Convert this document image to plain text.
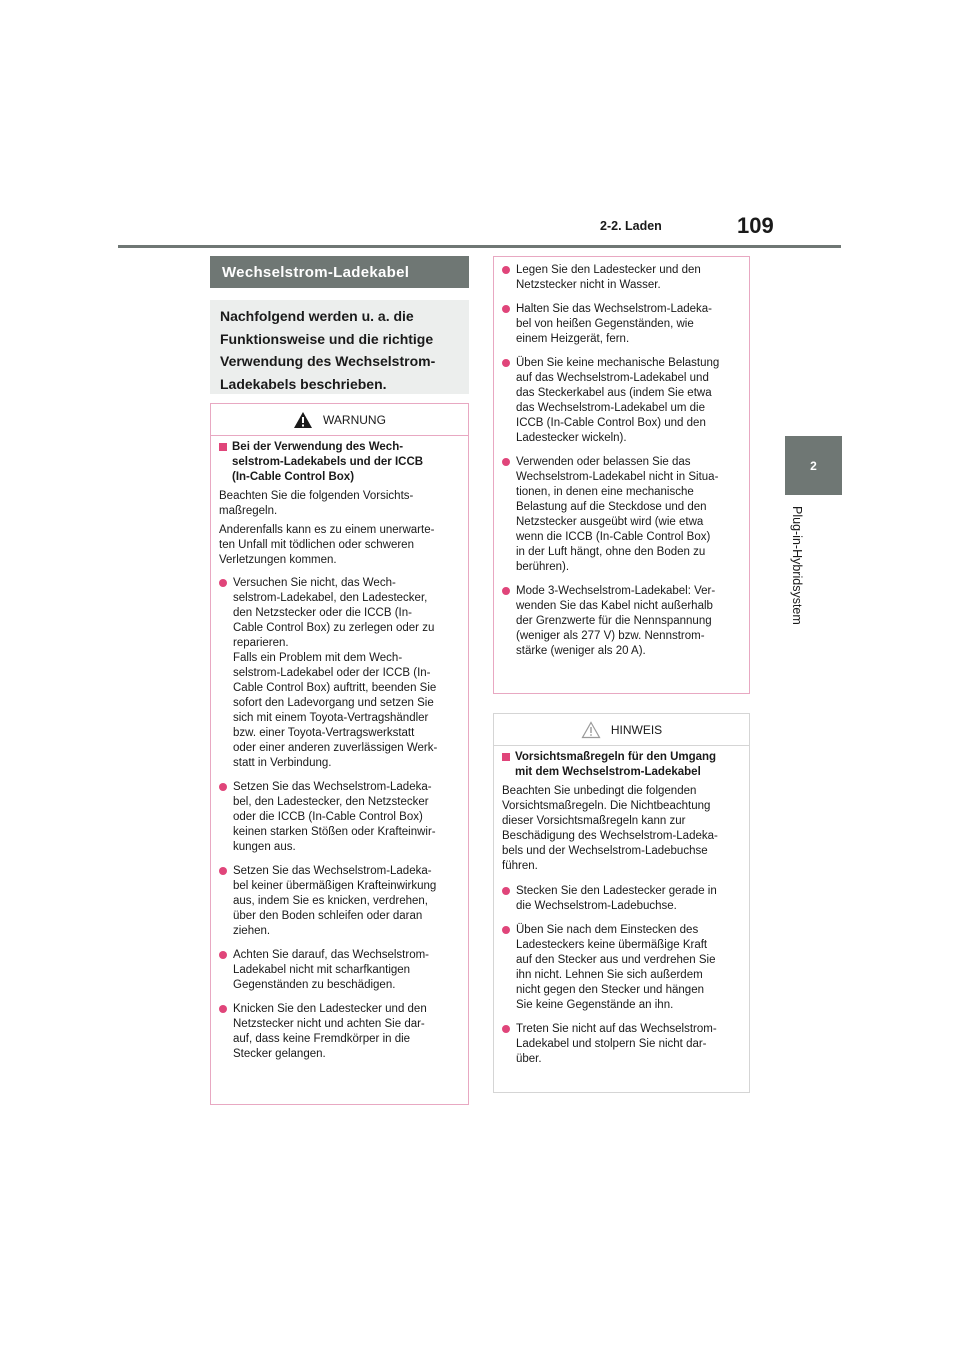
2-2. Laden	109
2
Plug-in-Hybridsystem
Wechselstrom-Ladekabel

Nachfolgend werden u. a. die

Funktionsweise und die richtige

Verwendung des Wechselstrom-

Ladekabels beschrieben.

WARNUNG
Bei der Verwendung des Wech-
selstrom-Ladekabels und der ICCB
(In-Cable Control Box)

Beachten Sie die folgenden Vorsichts-
maßregeln.

Anderenfalls kann es zu einem unerwarte-
ten Unfall mit tödlichen oder schweren
Verletzungen kommen.

Versuchen Sie nicht, das Wech-
selstrom-Ladekabel, den Ladestecker,
den Netzstecker oder die ICCB (In-
Cable Control Box) zu zerlegen oder zu
reparieren.
Falls ein Problem mit dem Wech-
selstrom-Ladekabel oder der ICCB (In-
Cable Control Box) auftritt, beenden Sie
sofort den Ladevorgang und setzen Sie
sich mit einem Toyota-Vertragshändler
bzw. einer Toyota-Vertragswerkstatt
oder einer anderen zuverlässigen Werk-
statt in Verbindung.
Setzen Sie das Wechselstrom-Ladeka-
bel, den Ladestecker, den Netzstecker
oder die ICCB (In-Cable Control Box)
keinen starken Stößen oder Krafteinwir-
kungen aus.
Setzen Sie das Wechselstrom-Ladeka-
bel keiner übermäßigen Krafteinwirkung
aus, indem Sie es knicken, verdrehen,
über den Boden schleifen oder daran
ziehen.
Achten Sie darauf, das Wechselstrom-
Ladekabel nicht mit scharfkantigen
Gegenständen zu beschädigen.
Knicken Sie den Ladestecker und den
Netzstecker nicht und achten Sie dar-
auf, dass keine Fremdkörper in die
Stecker gelangen.
Legen Sie den Ladestecker und den
Netzstecker nicht in Wasser.
Halten Sie das Wechselstrom-Ladeka-
bel von heißen Gegenständen, wie
einem Heizgerät, fern.
Üben Sie keine mechanische Belastung
auf das Wechselstrom-Ladekabel und
das Steckerkabel aus (indem Sie etwa
das Wechselstrom-Ladekabel um die
ICCB (In-Cable Control Box) und den
Ladestecker wickeln).
Verwenden oder belassen Sie das
Wechselstrom-Ladekabel nicht in Situa-
tionen, in denen eine mechanische
Belastung auf die Steckdose und den
Netzstecker ausgeübt wird (wie etwa
wenn die ICCB (In-Cable Control Box)
in der Luft hängt, ohne den Boden zu
berühren).
Mode 3-Wechselstrom-Ladekabel: Ver-
wenden Sie das Kabel nicht außerhalb
der Grenzwerte für die Nennspannung
(weniger als 277 V) bzw. Nennstrom-
stärke (weniger als 20 A).
HINWEIS
Vorsichtsmaßregeln für den Umgang
mit dem Wechselstrom-Ladekabel

Beachten Sie unbedingt die folgenden
Vorsichtsmaßregeln. Die Nichtbeachtung
dieser Vorsichtsmaßregeln kann zur
Beschädigung des Wechselstrom-Ladeka-
bels und der Wechselstrom-Ladebuchse
führen.

Stecken Sie den Ladestecker gerade in
die Wechselstrom-Ladebuchse.
Üben Sie nach dem Einstecken des
Ladesteckers keine übermäßige Kraft
auf den Stecker aus und verdrehen Sie
ihn nicht. Lehnen Sie sich außerdem
nicht gegen den Stecker und hängen
Sie keine Gegenstände an ihn.
Treten Sie nicht auf das Wechselstrom-
Ladekabel und stolpern Sie nicht dar-
über.
